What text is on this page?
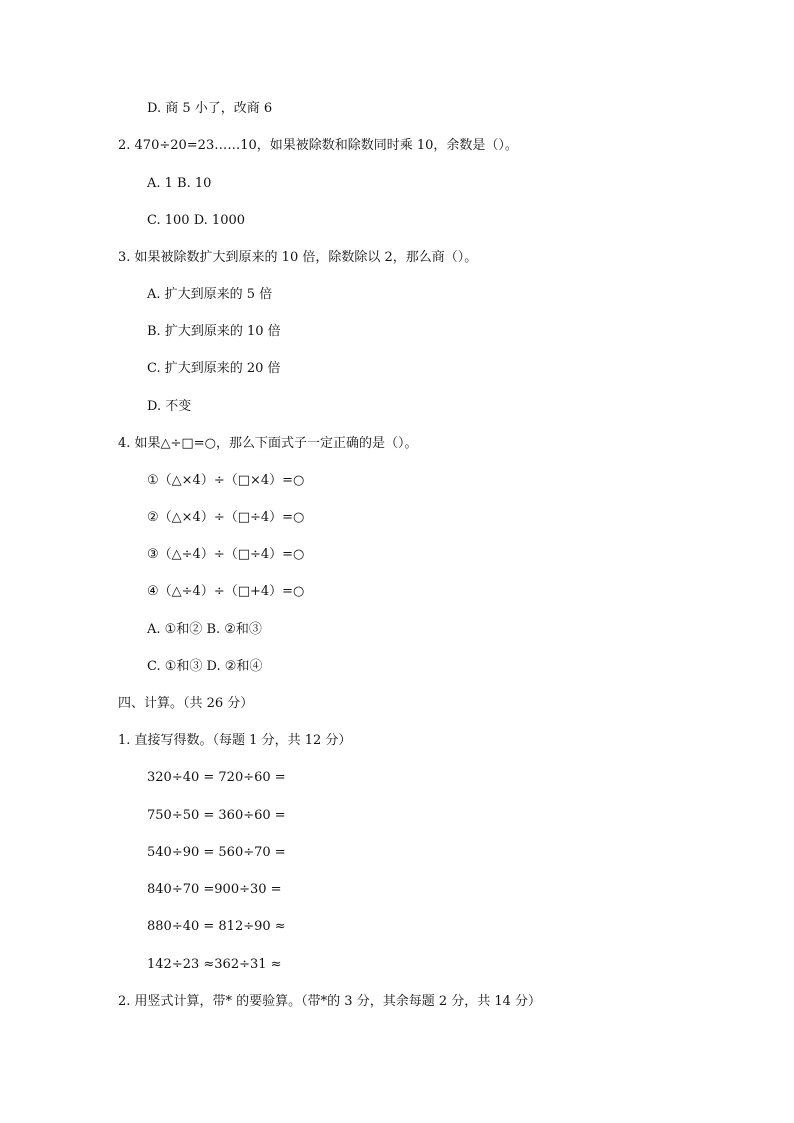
D. 商 5 小了，改商 6
2. 470÷20=23……10，如果被除数和除数同时乘 10，余数是（）。
A. 1 B. 10
C. 100 D. 1000
3. 如果被除数扩大到原来的 10 倍，除数除以 2，那么商（）。
A. 扩大到原来的 5 倍
B. 扩大到原来的 10 倍
C. 扩大到原来的 20 倍
D. 不变
4. 如果△÷□=○，那么下面式子一定正确的是（）。
①（△×4）÷（□×4）=○
②（△×4）÷（□÷4）=○
③（△÷4）÷（□÷4）=○
④（△÷4）÷（□+4）=○
A. ①和② B. ②和③
C. ①和③ D. ②和④
四、计算。（共 26 分）
1. 直接写得数。（每题 1 分，共 12 分）
320÷40 = 720÷60 =
750÷50 = 360÷60 =
540÷90 = 560÷70 =
840÷70 =900÷30 =
880÷40 = 812÷90 ≈
142÷23 ≈362÷31 ≈
2. 用竖式计算，带* 的要验算。（带*的 3 分，其余每题 2 分，共 14 分）
